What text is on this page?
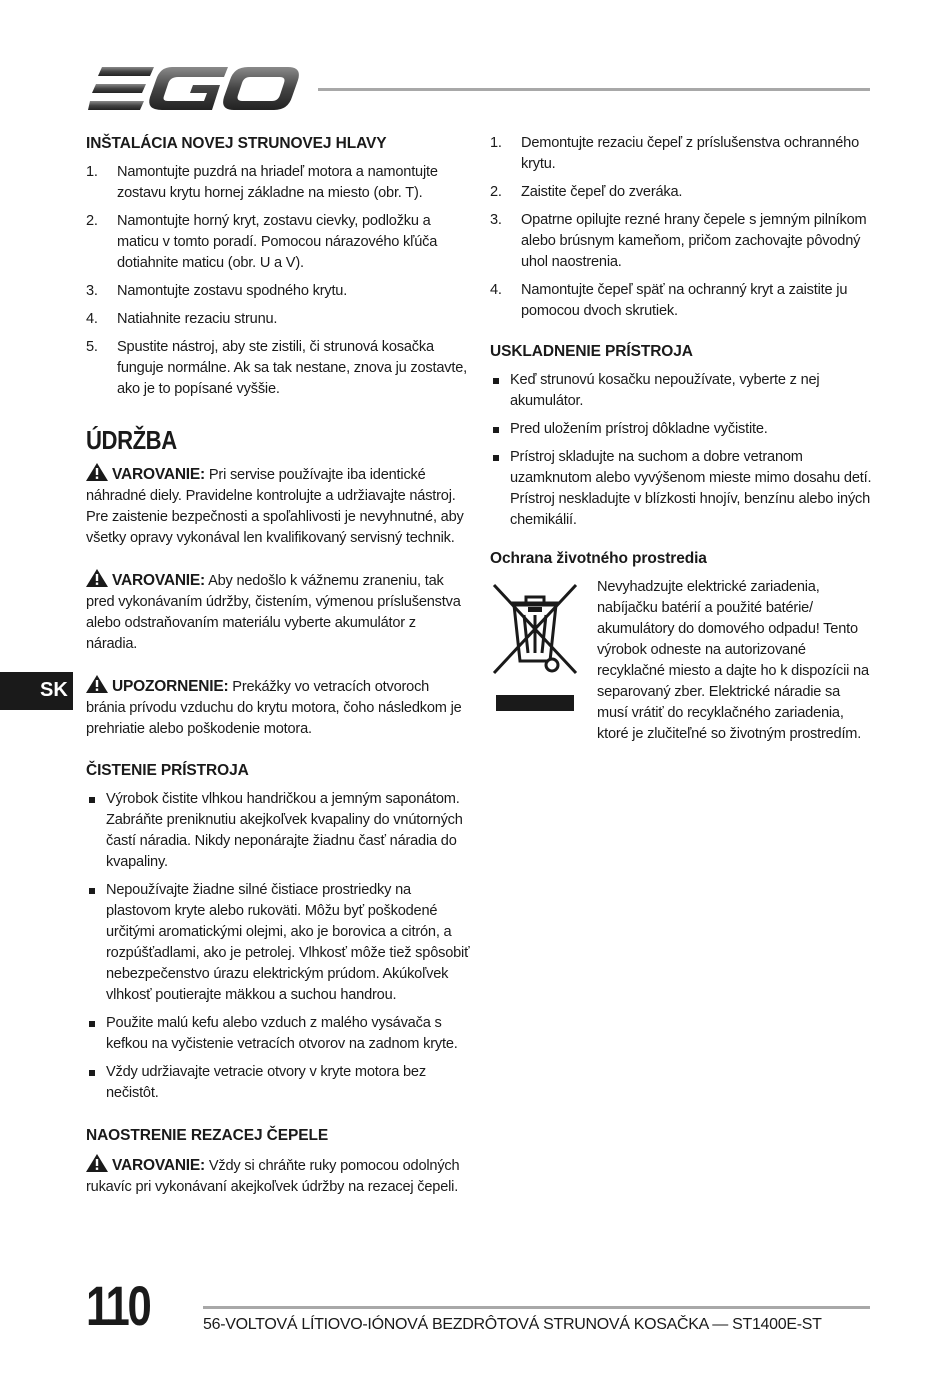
SK
INŠTALÁCIA NOVEJ STRUNOVEJ HLAVY
1. Namontujte puzdrá na hriadeľ motora a namontujte zostavu krytu hornej základne na miesto (obr. T).
2. Namontujte horný kryt, zostavu cievky, podložku a maticu v tomto poradí. Pomocou nárazového kľúča dotiahnite maticu (obr. U a V).
3. Namontujte zostavu spodného krytu.
4. Natiahnite rezaciu strunu.
5. Spustite nástroj, aby ste zistili, či strunová kosačka funguje normálne. Ak sa tak nestane, znova ju zostavte, ako je to popísané vyššie.
ÚDRŽBA

VAROVANIE: Pri servise používajte iba identické náhradné diely. Pravidelne kontrolujte a udržiavajte nástroj. Pre zaistenie bezpečnosti a spoľahlivosti je nevyhnutné, aby všetky opravy vykonával len kvalifikovaný servisný technik.

VAROVANIE: Aby nedošlo k vážnemu zraneniu, tak pred vykonávaním údržby, čistením, výmenou príslušenstva alebo odstraňovaním materiálu vyberte akumulátor z náradia.

UPOZORNENIE: Prekážky vo vetracích otvoroch bránia prívodu vzduchu do krytu motora, čoho následkom je prehriatie alebo poškodenie motora.

ČISTENIE PRÍSTROJA
Výrobok čistite vlhkou handričkou a jemným saponátom. Zabráňte preniknutiu akejkoľvek kvapaliny do vnútorných častí náradia. Nikdy neponárajte žiadnu časť náradia do kvapaliny.
Nepoužívajte žiadne silné čistiace prostriedky na plastovom kryte alebo rukoväti. Môžu byť poškodené určitými aromatickými olejmi, ako je borovica a citrón, a rozpúšťadlami, ako je petrolej. Vlhkosť môže tiež spôsobiť nebezpečenstvo úrazu elektrickým prúdom. Akúkoľvek vlhkosť poutierajte mäkkou a suchou handrou.
Použite malú kefu alebo vzduch z malého vysávača s kefkou na vyčistenie vetracích otvorov na zadnom kryte.
Vždy udržiavajte vetracie otvory v kryte motora bez nečistôt.
NAOSTRENIE REZACEJ ČEPELE

VAROVANIE: Vždy si chráňte ruky pomocou odolných rukavíc pri vykonávaní akejkoľvek údržby na rezacej čepeli.

1. Demontujte rezaciu čepeľ z príslušenstva ochranného krytu.
2. Zaistite čepeľ do zveráka.
3. Opatrne opilujte rezné hrany čepele s jemným pilníkom alebo brúsnym kameňom, pričom zachovajte pôvodný uhol naostrenia.
4. Namontujte čepeľ späť na ochranný kryt a zaistite ju pomocou dvoch skrutiek.
USKLADNENIE PRÍSTROJA
Keď strunovú kosačku nepoužívate, vyberte z nej akumulátor.
Pred uložením prístroj dôkladne vyčistite.
Prístroj skladujte na suchom a dobre vetranom uzamknutom alebo vyvýšenom mieste mimo dosahu detí. Prístroj neskladujte v blízkosti hnojív, benzínu alebo iných chemikálií.
Ochrana životného prostredia
Nevyhadzujte elektrické zariadenia, nabíjačku batérií a použité batérie/ akumulátory do domového odpadu! Tento výrobok odneste na autorizované recyklačné miesto a dajte ho k dispozícii na separovaný zber. Elektrické náradie sa musí vrátiť do recyklačného zariadenia, ktoré je zlučiteľné so životným prostredím.
110	56-VOLTOVÁ LÍTIOVO-IÓNOVÁ BEZDRÔTOVÁ STRUNOVÁ KOSAČKA — ST1400E-ST
